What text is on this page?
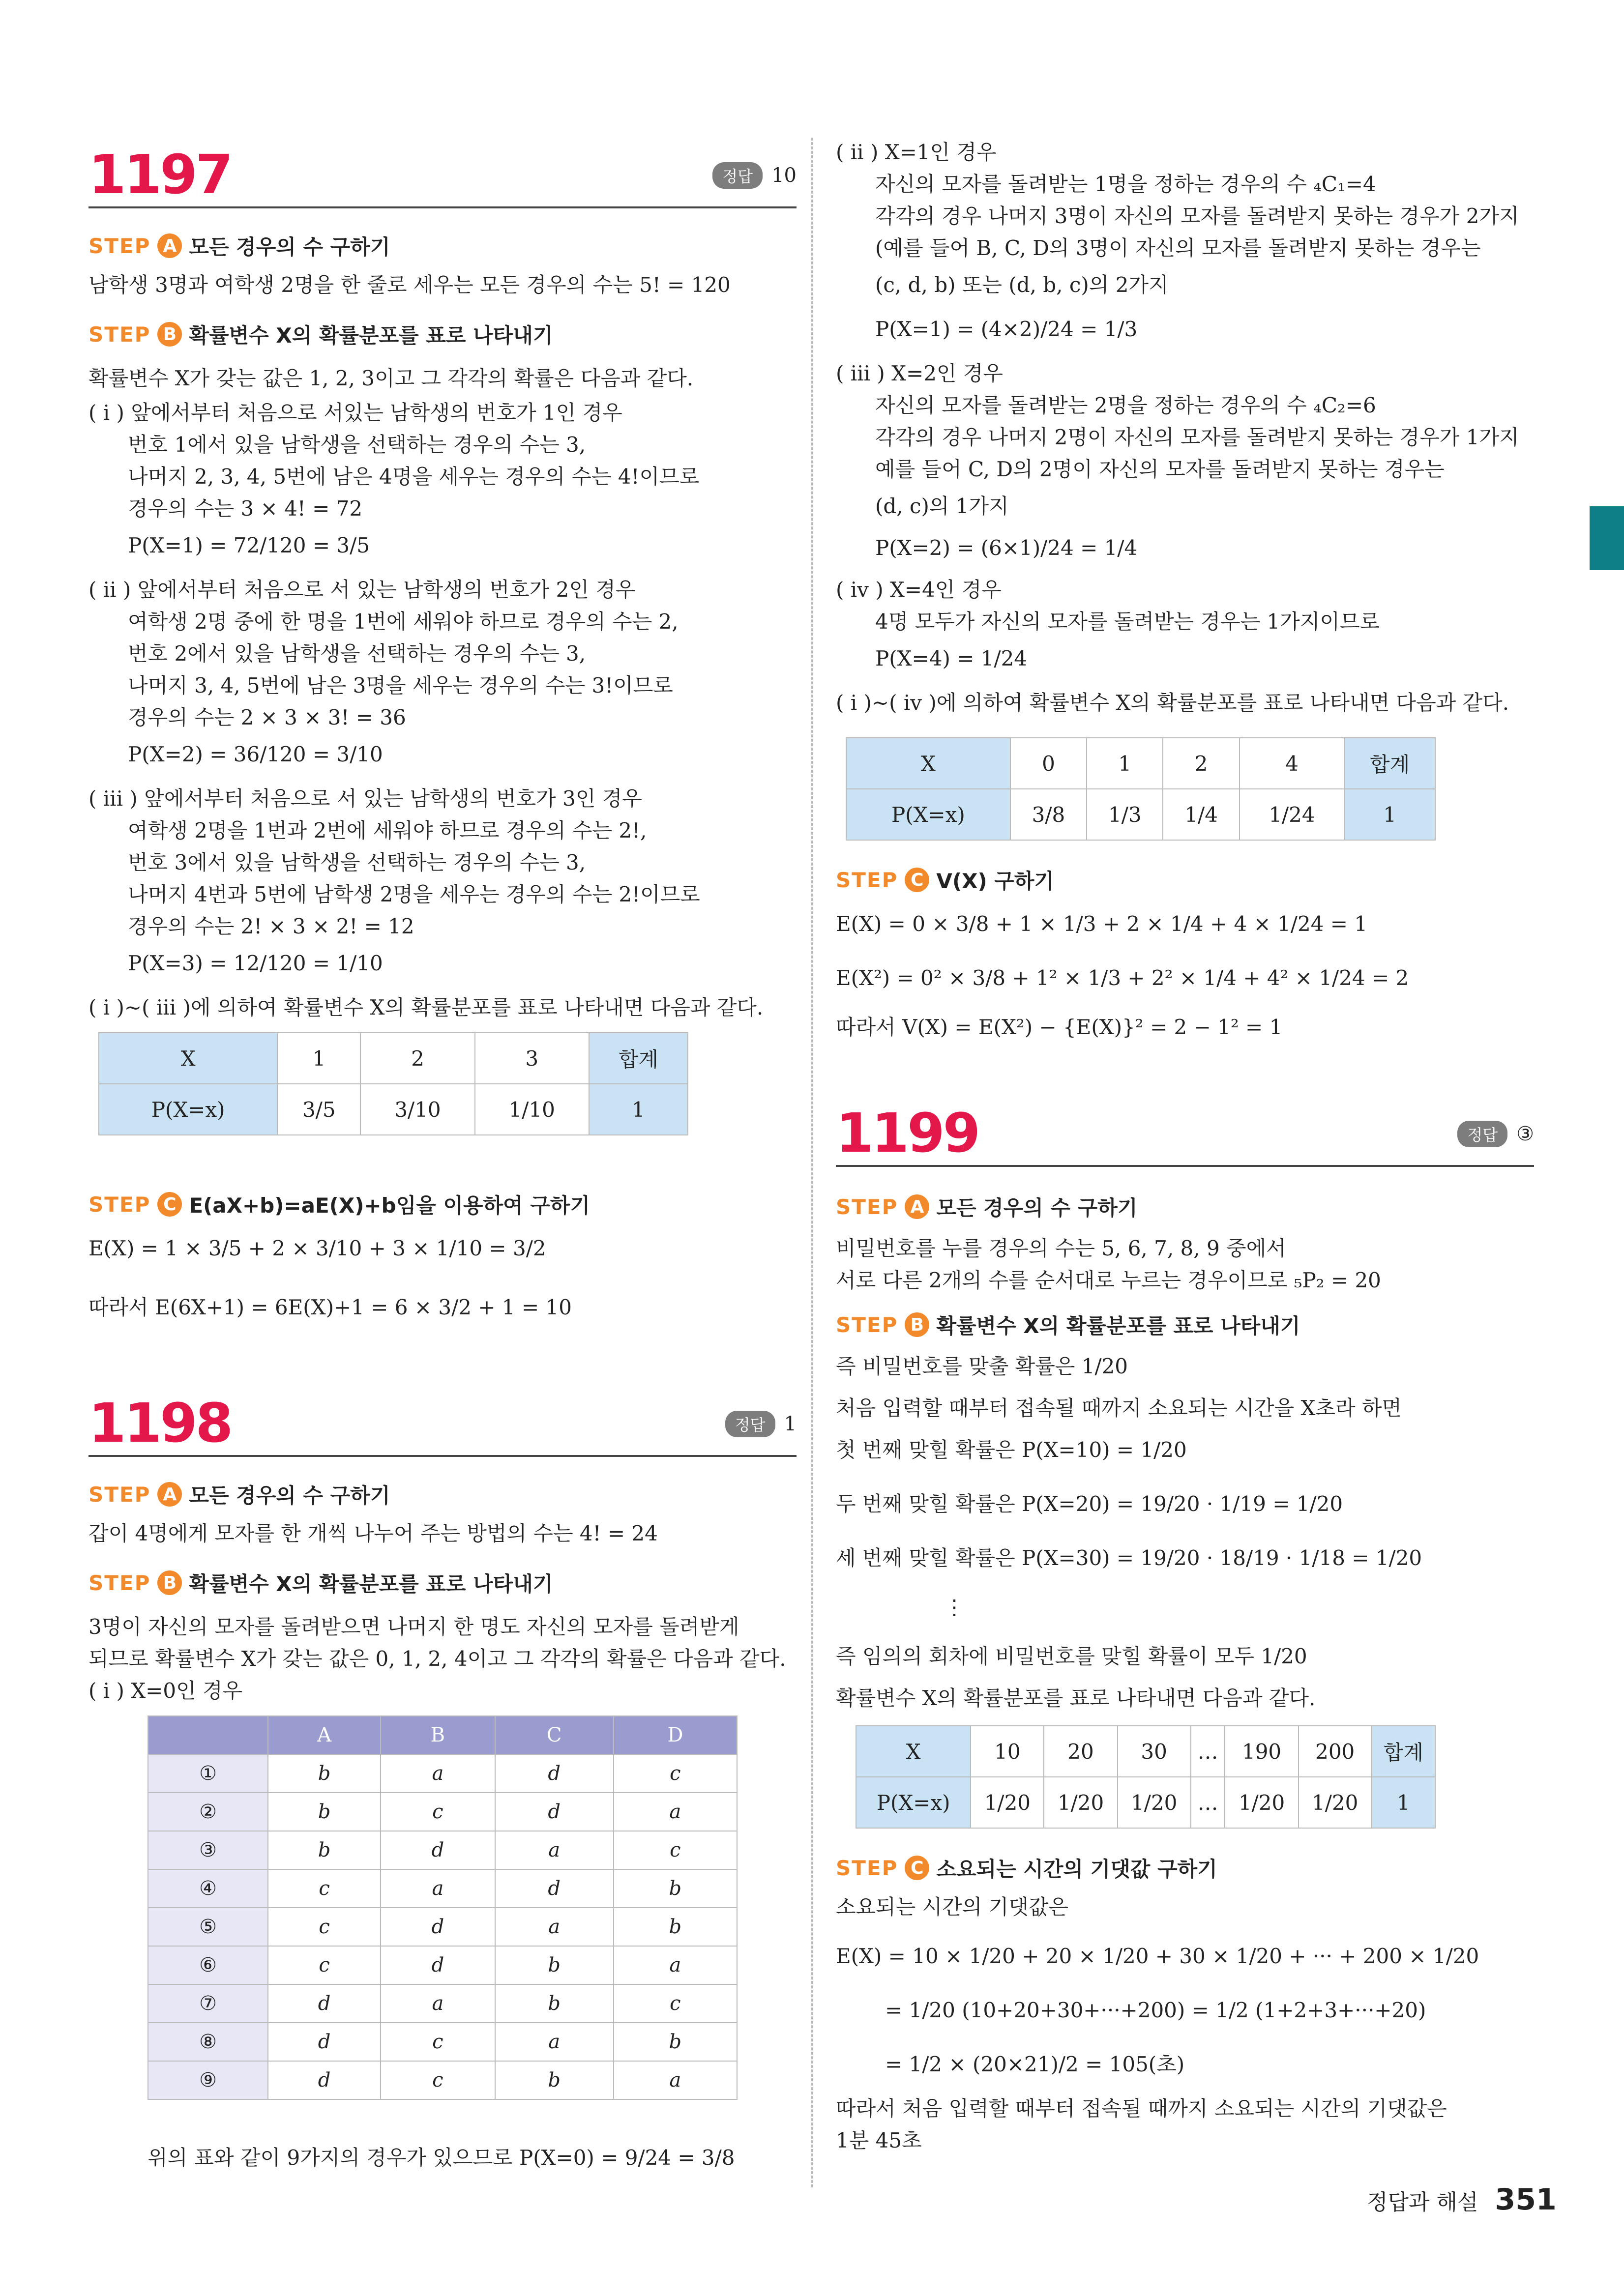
1197	정답 10
STEP A 모든 경우의 수 구하기
남학생 3명과 여학생 2명을 한 줄로 세우는 모든 경우의 수는 5! = 120
STEP B 확률변수 X의 확률분포를 표로 나타내기
확률변수 X가 갖는 값은 1, 2, 3이고 그 각각의 확률은 다음과 같다.
( i ) 앞에서부터 처음으로 서있는 남학생의 번호가 1인 경우
번호 1에서 있을 남학생을 선택하는 경우의 수는 3,
나머지 2, 3, 4, 5번에 남은 4명을 세우는 경우의 수는 4!이므로
경우의 수는 3 × 4! = 72
P(X=1) = 72/120 = 3/5
( ii ) 앞에서부터 처음으로 서 있는 남학생의 번호가 2인 경우
여학생 2명 중에 한 명을 1번에 세워야 하므로 경우의 수는 2,
번호 2에서 있을 남학생을 선택하는 경우의 수는 3,
나머지 3, 4, 5번에 남은 3명을 세우는 경우의 수는 3!이므로
경우의 수는 2 × 3 × 3! = 36
P(X=2) = 36/120 = 3/10
( iii ) 앞에서부터 처음으로 서 있는 남학생의 번호가 3인 경우
여학생 2명을 1번과 2번에 세워야 하므로 경우의 수는 2!,
번호 3에서 있을 남학생을 선택하는 경우의 수는 3,
나머지 4번과 5번에 남학생 2명을 세우는 경우의 수는 2!이므로
경우의 수는 2! × 3 × 2! = 12
P(X=3) = 12/120 = 1/10
( i )~( iii )에 의하여 확률변수 X의 확률분포를 표로 나타내면 다음과 같다.
X	1	2	3	합계
P(X=x)	3/5	3/10	1/10	1
STEP C E(aX+b)=aE(X)+b임을 이용하여 구하기
E(X) = 1 × 3/5 + 2 × 3/10 + 3 × 1/10 = 3/2
따라서 E(6X+1) = 6E(X)+1 = 6 × 3/2 + 1 = 10
1198	정답 1
STEP A 모든 경우의 수 구하기
갑이 4명에게 모자를 한 개씩 나누어 주는 방법의 수는 4! = 24
STEP B 확률변수 X의 확률분포를 표로 나타내기
3명이 자신의 모자를 돌려받으면 나머지 한 명도 자신의 모자를 돌려받게
되므로 확률변수 X가 갖는 값은 0, 1, 2, 4이고 그 각각의 확률은 다음과 같다.
( i ) X=0인 경우
	A	B	C	D
①	b	a	d	c
②	b	c	d	a
③	b	d	a	c
④	c	a	d	b
⑤	c	d	a	b
⑥	c	d	b	a
⑦	d	a	b	c
⑧	d	c	a	b
⑨	d	c	b	a
위의 표와 같이 9가지의 경우가 있으므로 P(X=0) = 9/24 = 3/8
( ii ) X=1인 경우
자신의 모자를 돌려받는 1명을 정하는 경우의 수 ₄C₁=4
각각의 경우 나머지 3명이 자신의 모자를 돌려받지 못하는 경우가 2가지
(예를 들어 B, C, D의 3명이 자신의 모자를 돌려받지 못하는 경우는
(c, d, b) 또는 (d, b, c)의 2가지
P(X=1) = (4×2)/24 = 1/3
( iii ) X=2인 경우
자신의 모자를 돌려받는 2명을 정하는 경우의 수 ₄C₂=6
각각의 경우 나머지 2명이 자신의 모자를 돌려받지 못하는 경우가 1가지
예를 들어 C, D의 2명이 자신의 모자를 돌려받지 못하는 경우는
(d, c)의 1가지
P(X=2) = (6×1)/24 = 1/4
( iv ) X=4인 경우
4명 모두가 자신의 모자를 돌려받는 경우는 1가지이므로
P(X=4) = 1/24
( i )~( iv )에 의하여 확률변수 X의 확률분포를 표로 나타내면 다음과 같다.
X	0	1	2	4	합계
P(X=x)	3/8	1/3	1/4	1/24	1
STEP C V(X) 구하기
E(X) = 0 × 3/8 + 1 × 1/3 + 2 × 1/4 + 4 × 1/24 = 1
E(X²) = 0² × 3/8 + 1² × 1/3 + 2² × 1/4 + 4² × 1/24 = 2
따라서 V(X) = E(X²) − {E(X)}² = 2 − 1² = 1
1199	정답 ③
STEP A 모든 경우의 수 구하기
비밀번호를 누를 경우의 수는 5, 6, 7, 8, 9 중에서
서로 다른 2개의 수를 순서대로 누르는 경우이므로 ₅P₂ = 20
STEP B 확률변수 X의 확률분포를 표로 나타내기
즉 비밀번호를 맞출 확률은 1/20
처음 입력할 때부터 접속될 때까지 소요되는 시간을 X초라 하면
첫 번째 맞힐 확률은 P(X=10) = 1/20
두 번째 맞힐 확률은 P(X=20) = 19/20 · 1/19 = 1/20
세 번째 맞힐 확률은 P(X=30) = 19/20 · 18/19 · 1/18 = 1/20
⋮
즉 임의의 회차에 비밀번호를 맞힐 확률이 모두 1/20
확률변수 X의 확률분포를 표로 나타내면 다음과 같다.
X	10	20	30	…	190	200	합계
P(X=x)	1/20	1/20	1/20	…	1/20	1/20	1
STEP C 소요되는 시간의 기댓값 구하기
소요되는 시간의 기댓값은
E(X) = 10 × 1/20 + 20 × 1/20 + 30 × 1/20 + ··· + 200 × 1/20
= 1/20 (10+20+30+···+200) = 1/2 (1+2+3+···+20)
= 1/2 × (20×21)/2 = 105(초)
따라서 처음 입력할 때부터 접속될 때까지 소요되는 시간의 기댓값은
1분 45초
정답과 해설 351
